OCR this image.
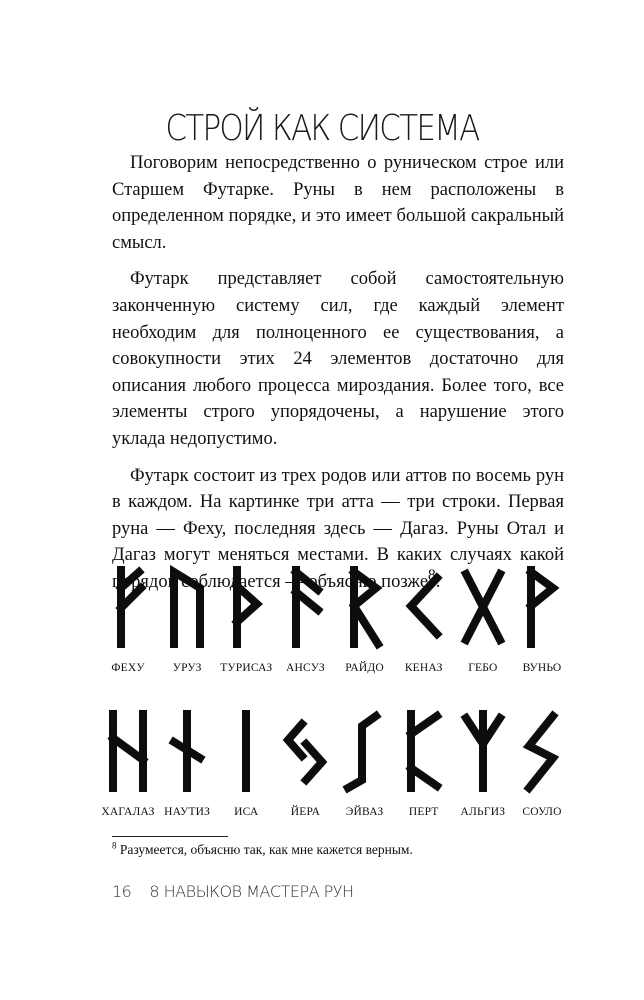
СТРОЙ КАК СИСТЕМА

Поговорим непосредственно о руническом строе или Старшем Футарке. Руны в нем расположены в определенном порядке, и это имеет большой сакральный смысл.

Футарк представляет собой самостоятельную законченную систему сил, где каждый элемент необходим для полноценного ее существования, а совокупности этих 24 элементов достаточно для описания любого процесса мироздания. Более того, все элементы строго упорядочены, а нарушение этого уклада недопустимо.

Футарк состоит из трех родов или аттов по восемь рун в каждом. На картинке три атта — три строки. Первая руна — Феху, последняя здесь — Дагаз. Руны Отал и Дагаз могут меняться местами. В каких случаях какой порядок соблюдается — объясню позже$^8$.

ФЕХУ УРУЗ ТУРИСАЗ АНСУЗ РАЙДО КЕНАЗ ГЕБО ВУНЬО
ХАГАЛАЗ НАУТИЗ ИСА	ЙЕРА ЭЙВАЗ ПЕРТ АЛЬГИЗ СОУЛО
$^8$ Разумеется, объясню так, как мне кажется верным.
16 8 НАВЫКОВ МАСТЕРА РУН
